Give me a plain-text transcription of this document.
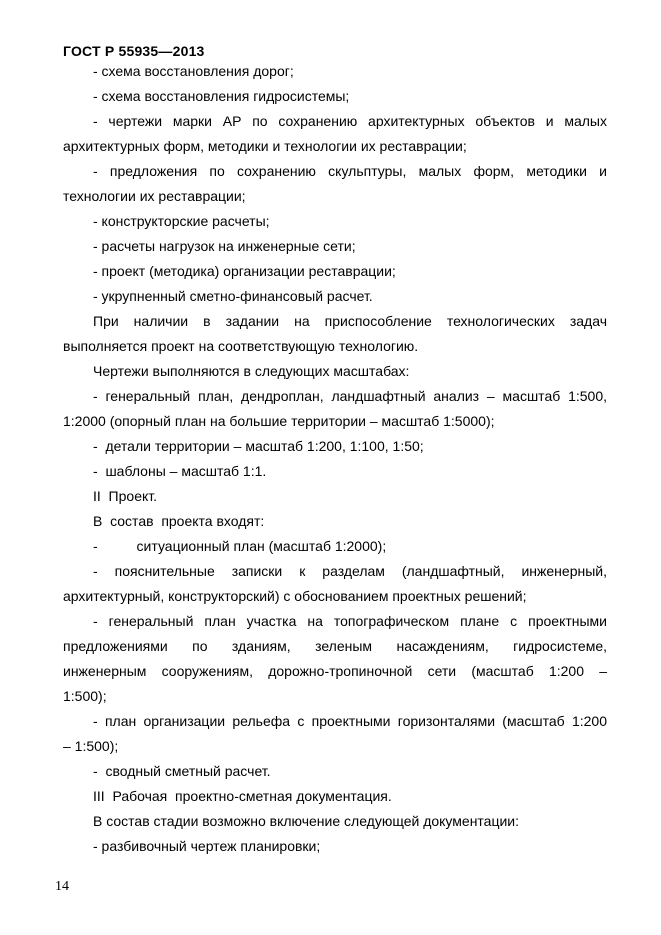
ГОСТ Р 55935—2013
- схема восстановления дорог;
- схема восстановления гидросистемы;
- чертежи марки АР по сохранению архитектурных объектов и малых
архитектурных форм, методики и технологии их реставрации;
- предложения по сохранению скульптуры, малых форм, методики и
технологии их реставрации;
- конструкторские расчеты;
- расчеты нагрузок на инженерные сети;
- проект (методика) организации реставрации;
- укрупненный сметно-финансовый расчет.
При наличии в задании на приспособление технологических задач
выполняется проект на соответствующую технологию.
Чертежи выполняются в следующих масштабах:
- генеральный план, дендроплан, ландшафтный анализ – масштаб 1:500,
1:2000 (опорный план на большие территории – масштаб 1:5000);
-  детали территории – масштаб 1:200, 1:100, 1:50;
-  шаблоны – масштаб 1:1.
II  Проект.
В  состав  проекта входят:
-          ситуационный план (масштаб 1:2000);
- пояснительные записки к разделам (ландшафтный, инженерный,
архитектурный, конструкторский) с обоснованием проектных решений;
- генеральный план участка на топографическом плане с проектными
предложениями по зданиям, зеленым насаждениям, гидросистеме,
инженерным сооружениям, дорожно-тропиночной сети (масштаб 1:200 –
1:500);
- план организации рельефа с проектными горизонталями (масштаб 1:200
– 1:500);
-  сводный сметный расчет.
III  Рабочая  проектно-сметная документация.
В состав стадии возможно включение следующей документации:
- разбивочный чертеж планировки;
14
